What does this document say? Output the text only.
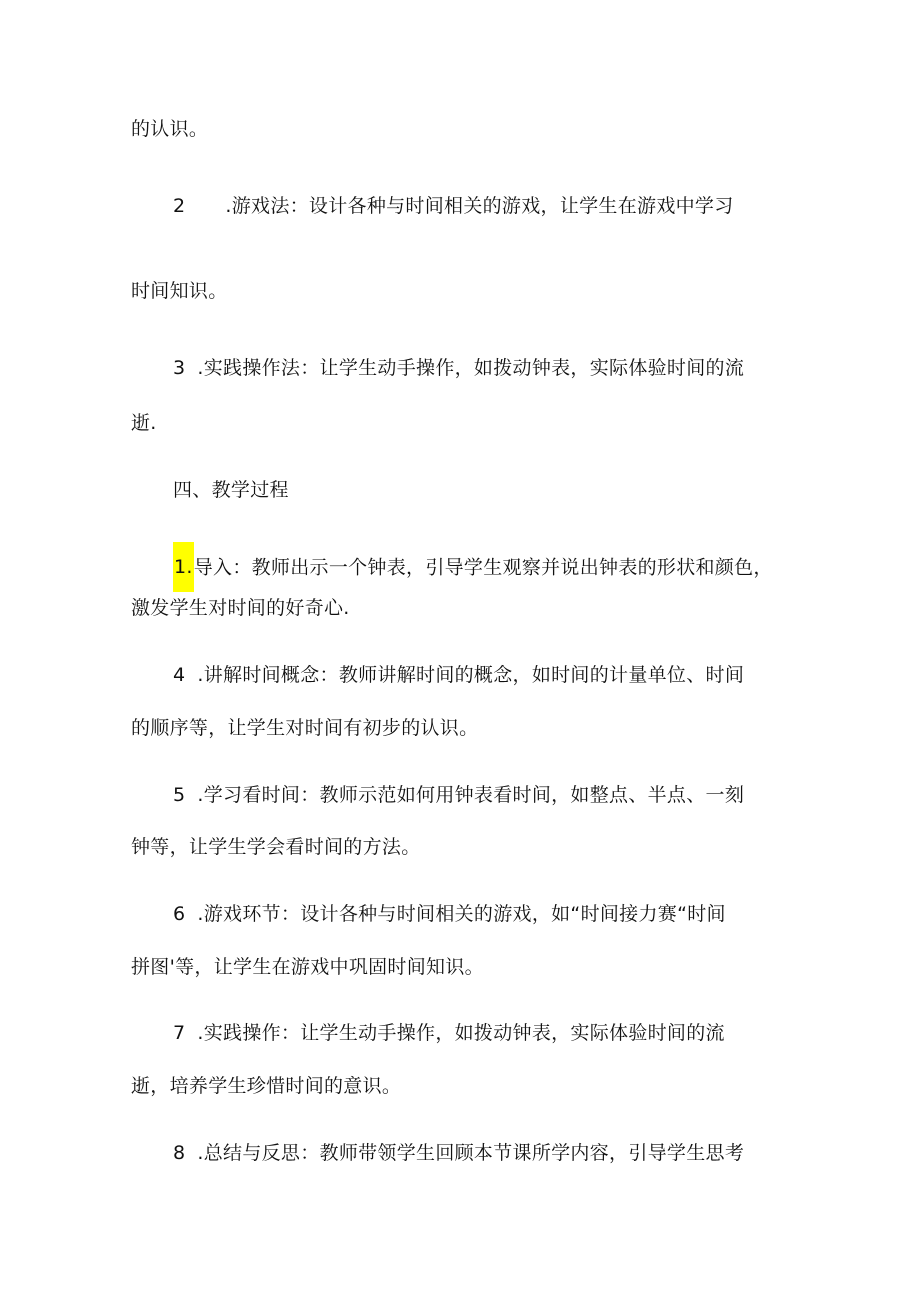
的认识。
2 .游戏法：设计各种与时间相关的游戏，让学生在游戏中学习
时间知识。
3 .实践操作法：让学生动手操作，如拨动钟表，实际体验时间的流
逝.
四、教学过程
1.导入：教师出示一个钟表，引导学生观察并说出钟表的形状和颜色，
激发学生对时间的好奇心.
4 .讲解时间概念：教师讲解时间的概念，如时间的计量单位、时间
的顺序等，让学生对时间有初步的认识。
5 .学习看时间：教师示范如何用钟表看时间，如整点、半点、一刻
钟等，让学生学会看时间的方法。
6 .游戏环节：设计各种与时间相关的游戏，如“时间接力赛“时间
拼图'等，让学生在游戏中巩固时间知识。
7 .实践操作：让学生动手操作，如拨动钟表，实际体验时间的流
逝，培养学生珍惜时间的意识。
8 .总结与反思：教师带领学生回顾本节课所学内容，引导学生思考
